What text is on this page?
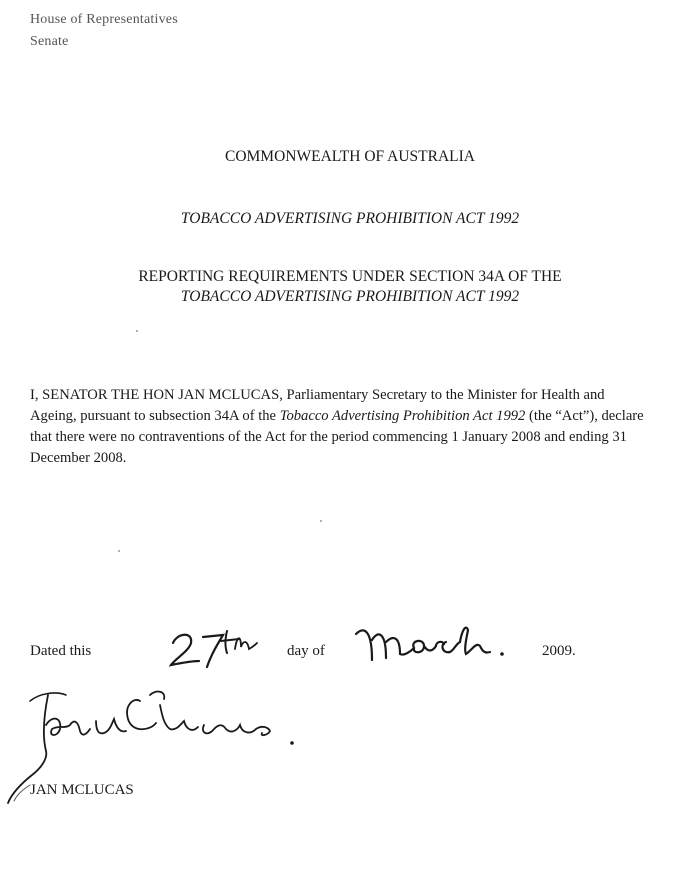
House of Representatives
Senate
COMMONWEALTH OF AUSTRALIA
TOBACCO ADVERTISING PROHIBITION ACT 1992
REPORTING REQUIREMENTS UNDER SECTION 34A OF THE
TOBACCO ADVERTISING PROHIBITION ACT 1992
I, SENATOR THE HON JAN MCLUCAS, Parliamentary Secretary to the Minister for Health and Ageing, pursuant to subsection 34A of the Tobacco Advertising Prohibition Act 1992 (the “Act”), declare that there were no contraventions of the Act for the period commencing 1 January 2008 and ending 31 December 2008.
Dated this
27th
day of
March.
2009.
Jan McLucas.
JAN MCLUCAS
